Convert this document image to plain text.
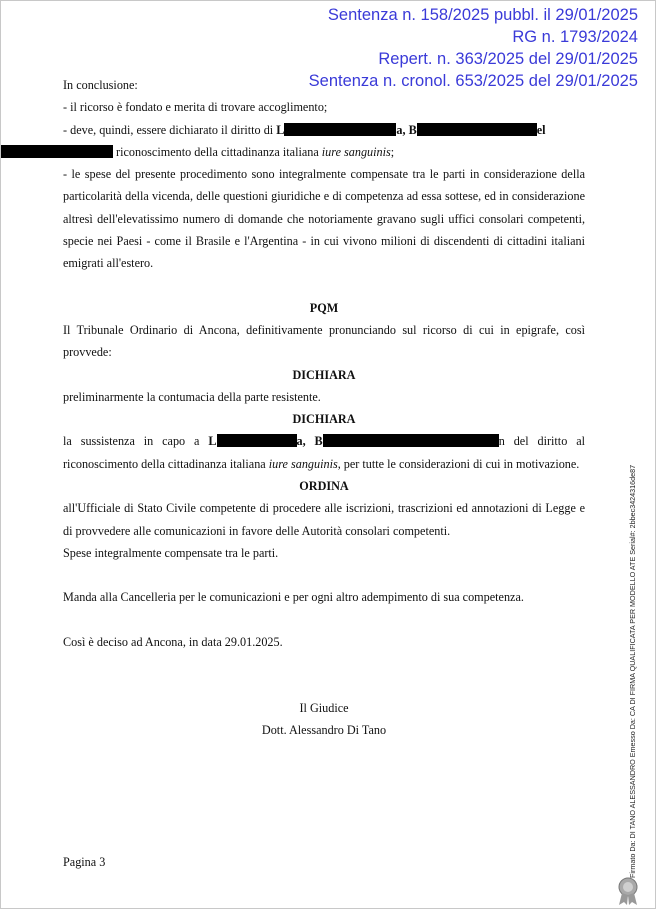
Sentenza n. 158/2025 pubbl. il 29/01/2025
RG n. 1793/2024
Repert. n. 363/2025 del 29/01/2025
Sentenza n. cronol. 653/2025 del 29/01/2025

In conclusione:

- il ricorso è fondato e merita di trovare accoglimento;

- deve, quindi, essere dichiarato il diritto di L	a, B	el
riconoscimento della cittadinanza italiana iure sanguinis;

- le spese del presente procedimento sono integralmente compensate tra le parti in considerazione della particolarità della vicenda, delle questioni giuridiche e di competenza ad essa sottese, ed in considerazione altresì dell'elevatissimo numero di domande che notoriamente gravano sugli uffici consolari competenti, specie nei Paesi - come il Brasile e l'Argentina - in cui vivono milioni di discendenti di cittadini italiani emigrati all'estero.

PQM

Il Tribunale Ordinario di Ancona, definitivamente pronunciando sul ricorso di cui in epigrafe, così provvede:

DICHIARA

preliminarmente la contumacia della parte resistente.

DICHIARA

la sussistenza in capo a L	a, B	n del diritto al riconoscimento della cittadinanza italiana iure sanguinis, per tutte le considerazioni di cui in motivazione.

ORDINA

all'Ufficiale di Stato Civile competente di procedere alle iscrizioni, trascrizioni ed annotazioni di Legge e di provvedere alle comunicazioni in favore delle Autorità consolari competenti.

Spese integralmente compensate tra le parti.

Manda alla Cancelleria per le comunicazioni e per ogni altro adempimento di sua competenza.

Così è deciso ad Ancona, in data 29.01.2025.

Il Giudice

Dott. Alessandro Di Tano

Pagina 3	Firmato Da: DI TANO ALESSANDRO Emesso Da: CA DI FIRMA QUALIFICATA PER MODELLO ATE Serial#: 2bbec3424316de87
